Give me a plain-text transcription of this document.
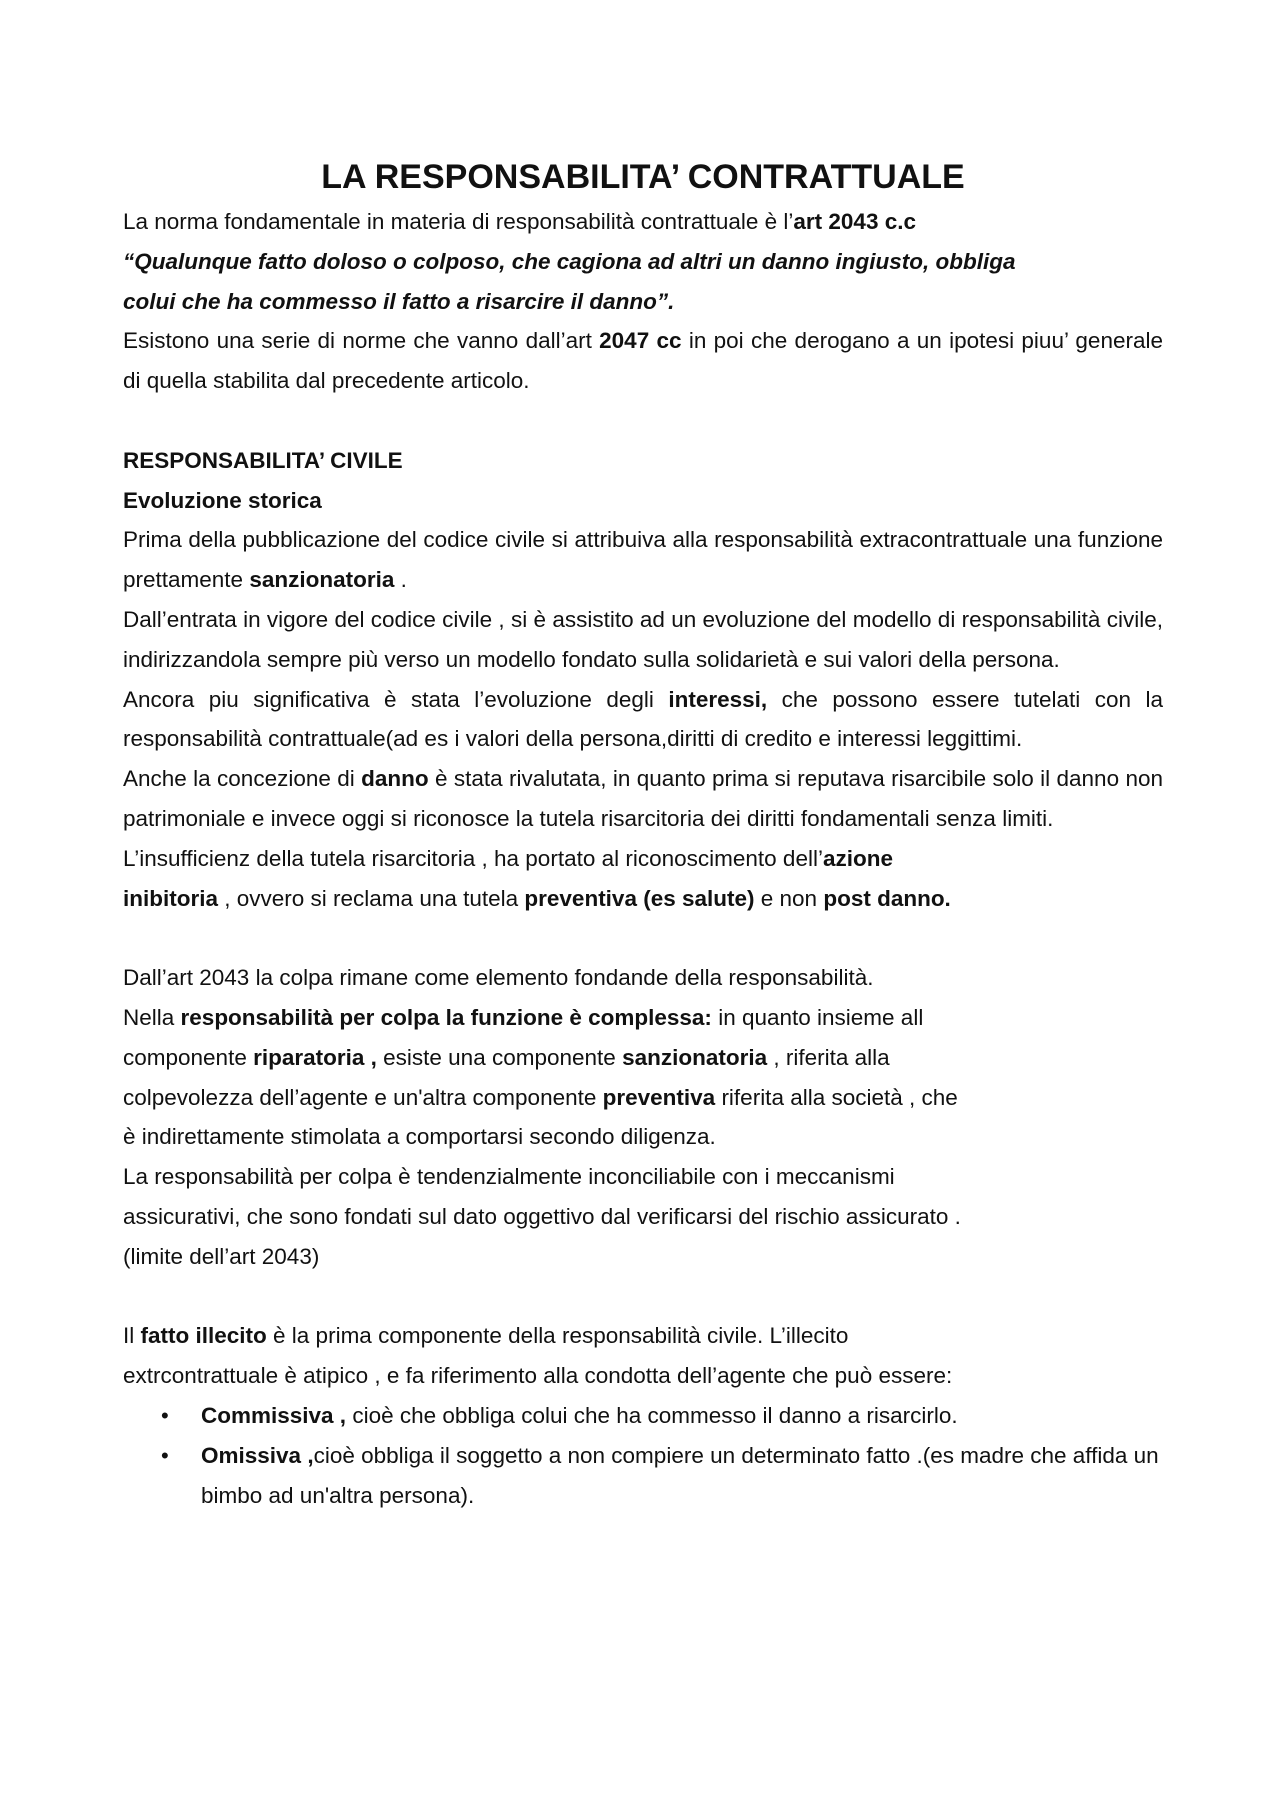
LA RESPONSABILITA’ CONTRATTUALE

La norma fondamentale in materia di responsabilità contrattuale è l’art 2043 c.c

“Qualunque fatto doloso o colposo, che cagiona ad altri un danno ingiusto, obbliga

colui che ha commesso il fatto a risarcire il danno”.

Esistono una serie di norme che vanno dall’art 2047 cc in poi che derogano a un ipotesi piuu’ generale di quella stabilita dal precedente articolo.

RESPONSABILITA’ CIVILE

Evoluzione storica

Prima della pubblicazione del codice civile si attribuiva alla responsabilità extracontrattuale una funzione prettamente sanzionatoria .

Dall’entrata in vigore del codice civile , si è assistito ad un evoluzione del modello di responsabilità civile, indirizzandola sempre più verso un modello fondato sulla solidarietà e sui valori della persona.

Ancora piu significativa è stata l’evoluzione degli interessi, che possono essere tutelati con la responsabilità contrattuale(ad es i valori della persona,diritti di credito e interessi leggittimi.

Anche la concezione di danno è stata rivalutata, in quanto prima si reputava risarcibile solo il danno non patrimoniale e invece oggi si riconosce la tutela risarcitoria dei diritti fondamentali senza limiti.

L’insufficienz della tutela risarcitoria , ha portato al riconoscimento dell’azione
inibitoria , ovvero si reclama una tutela preventiva (es salute) e non post danno.

Dall’art 2043 la colpa rimane come elemento fondande della responsabilità.

Nella responsabilità per colpa la funzione è complessa: in quanto insieme all
componente riparatoria , esiste una componente sanzionatoria , riferita alla
colpevolezza dell’agente e un'altra componente preventiva riferita alla società , che
è indirettamente stimolata a comportarsi secondo diligenza.

La responsabilità per colpa è tendenzialmente inconciliabile con i meccanismi
assicurativi, che sono fondati sul dato oggettivo dal verificarsi del rischio assicurato .
(limite dell’art 2043)

Il fatto illecito è la prima componente della responsabilità civile. L’illecito
extrcontrattuale è atipico , e fa riferimento alla condotta dell’agente che può essere:

• Commissiva , cioè che obbliga colui che ha commesso il danno a risarcirlo.
• Omissiva ,cioè obbliga il soggetto a non compiere un determinato fatto .(es madre che affida un bimbo ad un'altra persona).
